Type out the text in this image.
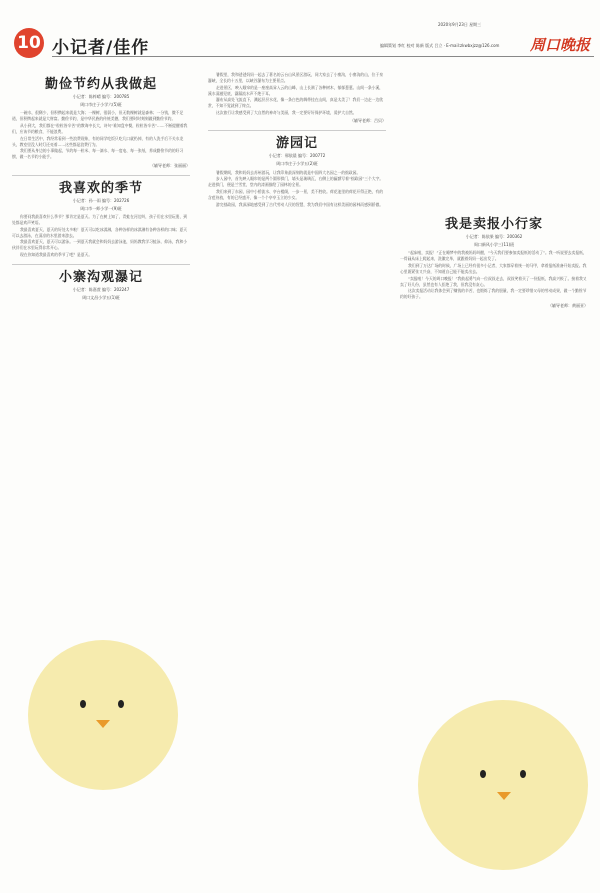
10 小记者/佳作
2020年9月23日 星期三
周口晚报
编辑策划 李红 校对 陈新 版式 吕立 · E-mail:zkwbxjzz@126.com
勤俭节约从我做起
小记者：陈梓晴 编号：200785
周口市庄子小学六(5)班

一碗水，很稀少，但积攒起来就是大海；一棵树，很弱小，但无数棵树就是森林；一分钱，微不足道，但积攒起来就是大财富。勤俭节约，是中华民族的传统美德，我们要时时刻刻做到勤俭节约。

从小到大，我们都在“粒粒皆辛苦”的教诲中长大，诗句“谁知盘中餐，粒粒皆辛苦”……不断提醒着我们，应该节约粮食，不能浪费。

在日常生活中，我经常看到一些浪费现象，有的同学吃饭只吃几口就扔掉，有的人洗手后不关水龙头，教室里没人时灯还亮着……这些都是浪费行为。

我们要从身边的小事做起，节约每一粒米、每一滴水、每一度电、每一张纸，养成勤俭节约的好习惯，做一名节约小能手。

（辅导老师：张丽丽）
我喜欢的季节
小记者：孙一雨 编号：202726
周口市一师小学一(9)班

你要问我最喜欢什么季节？那肯定是夏天。为了在树上知了，青蛙在河边叫，孩子们在水里玩耍，到处都是欢声笑语。

我最喜欢夏天，夏天的好处太多啦！夏天可以吃冰淇淋，各种各样的冰淇淋有各种各样的口味；夏天可以去游泳，在清凉的水里游来游去。

我最喜欢夏天，夏天可以游泳。一到夏天我就会和妈妈去游泳池，妈妈教我学习蛙泳、仰泳，我和小伙伴们在水里玩得非常开心。

现在你知道我最喜欢的季节了吧？是夏天。

小寨沟观瀑记
小记者：陈嘉萱 编号：202247
周口文昌小学五(1)班

暑假里，我和爸爸妈妈一起去了著名的云台山风景区游玩，同大家去了小寨沟，小寨沟的山，位于泉瀑峡，全长约十五里，以峡谷瀑布为主要景点。

走进景区，映入眼帘的是一座座高耸入云的山峰，山上长满了各种树木，郁郁葱葱。山间一条小溪，溪水清澈见底，潺潺流水声不绝于耳。

瀑布从高处飞流直下，溅起层层水花，像一条白色的绸带挂在山间，真是太美了！我们一边走一边欣赏，不知不觉就到了终点。

这次旅行让我感受到了大自然的神奇与美丽，我一定要好好保护环境，爱护大自然。

（辅导老师：吕贝）
游园记
小记者：邢依晨 编号：200772
周口市庄子小学五(2)班

暑假期间，我和妈妈去苏州游玩，让我印象最深刻的就是中国四大名园之一的拙政园。

步入园中，首先映入眼帘的是两个圆形拱门，墙头是琉璃瓦，右侧上的匾额写着“拙政园”三个大字。走进拱门，便是兰雪堂，堂内的漆画描绘了园林的全景。

我们来到了东园，园中小桥流水、亭台楼阁，一步一景，美不胜收。荷花池里的荷花开得正艳，有的含苞待放，有的已经盛开，像一个个亭亭玉立的少女。

游完拙政园，我深深地感受到了古代劳动人民的智慧，我为我们中国有这样美丽的园林而感到骄傲。

我是卖报小行家
小记者：陈依果 编号：200362
周口新风小学三(11)班

“起床啦，卖报！”正在睡梦中的我被妈妈叫醒，“今天我们要参加卖报纸的活动了”。我一听说要去卖报纸，一骨碌从床上爬起来，洗漱完毕，就跟着妈妈一起出发了。

我们到了万达广场的时候，广场上已经有很多小记者，大家都穿着统一的马甲，拿着报纸准备开始卖报。我心里既紧张又兴奋，不知道自己能不能卖出去。

“卖报啦！今天的周口晚报！”我鼓起勇气向一位叔叔走去，叔叔笑着买了一份报纸，我高兴极了。接着我又卖了好几份，虽然也有人拒绝了我，但我没有灰心。

这次卖报活动让我体会到了赚钱的辛苦，也锻炼了我的胆量，我一定要珍惜父母的劳动成果，做一个勤俭节约的好孩子。

（辅导老师：黄丽亚）
